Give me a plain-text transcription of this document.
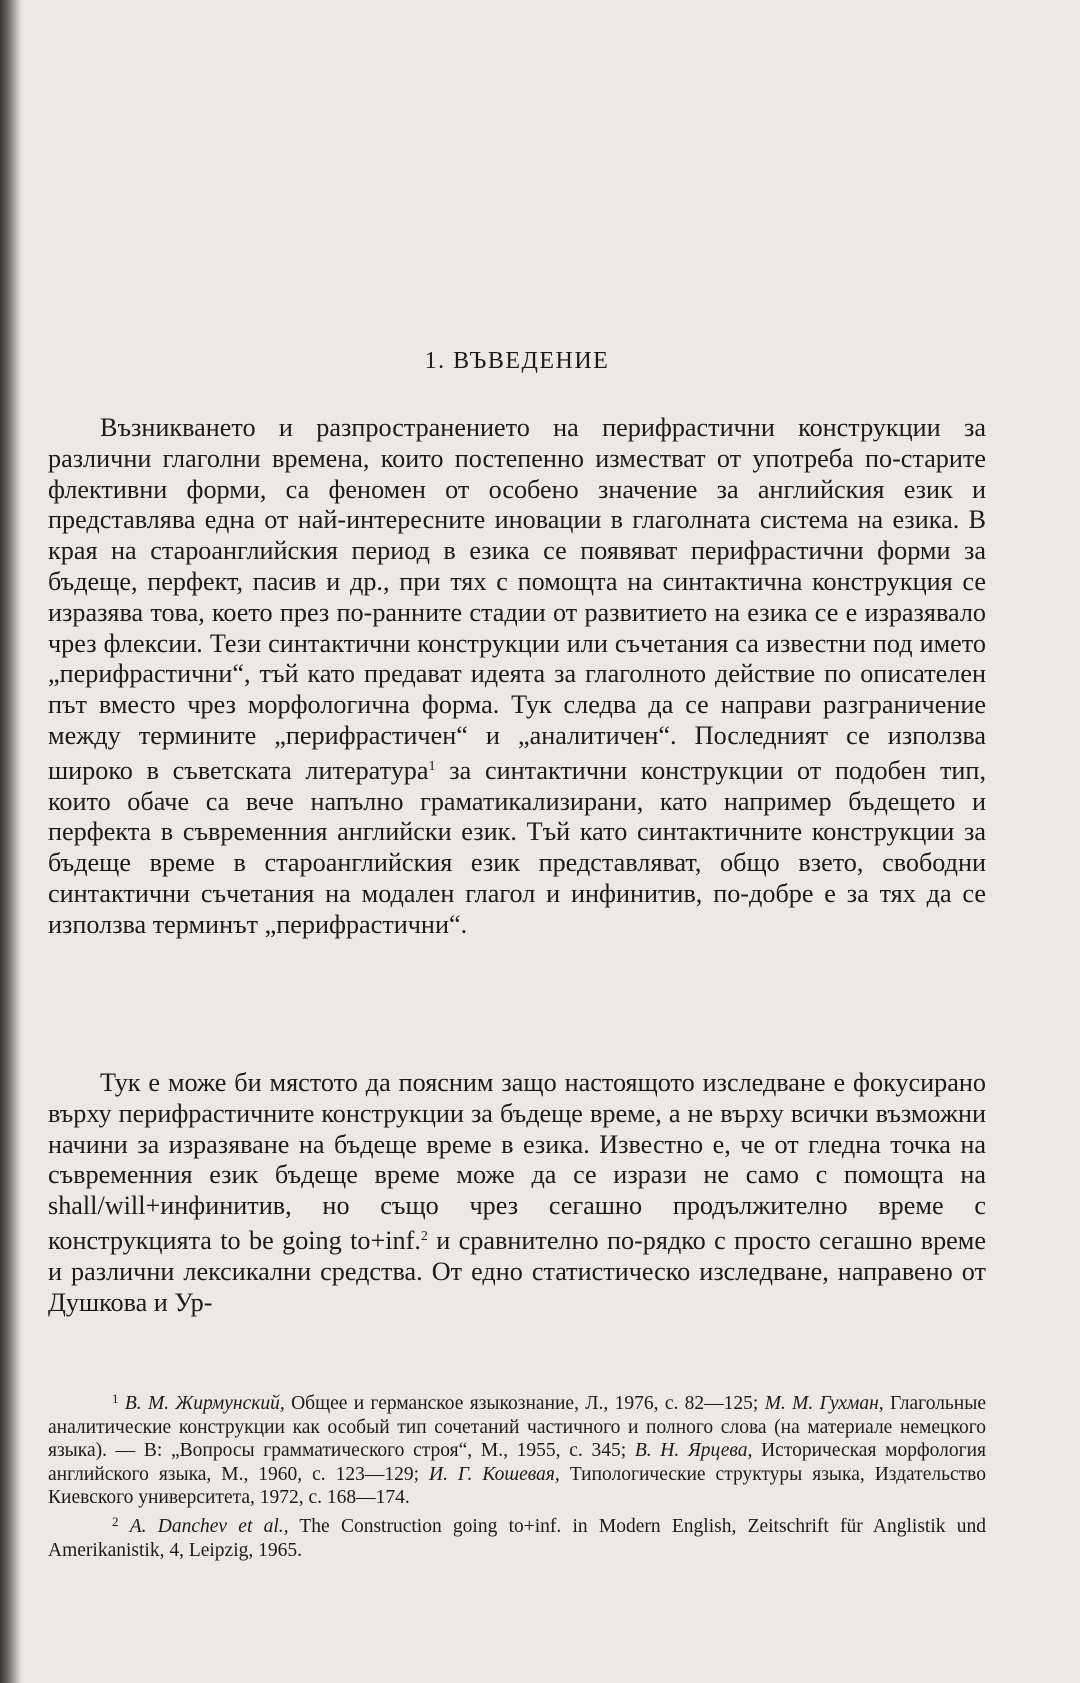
1. ВЪВЕДЕНИЕ

Възникването и разпространението на перифрастични конструкции за различни глаголни времена, които постепенно изместват от употреба по-старите флективни форми, са феномен от особено значение за английския език и представлява една от най-интересните иновации в глаголната система на езика. В края на староанглийския период в езика се появяват перифрастични форми за бъдеще, перфект, пасив и др., при тях с помощта на синтактична конструкция се изразява това, което през по-ранните стадии от развитието на езика се е изразявало чрез флексии. Тези синтактични конструкции или съчетания са известни под името „перифрастични“, тъй като предават идеята за глаголното действие по описателен път вместо чрез морфологична форма. Тук следва да се направи разграничение между термините „перифрастичен“ и „аналитичен“. Последният се използва широко в съветската литература$^1$ за синтактични конструкции от подобен тип, които обаче са вече напълно граматикализирани, като например бъдещето и перфекта в съвременния английски език. Тъй като синтактичните конструкции за бъдеще време в староанглийския език представляват, общо взето, свободни синтактични съчетания на модален глагол и инфинитив, по-добре е за тях да се използва терминът „перифрастични“.

Тук е може би мястото да поясним защо настоящото изследване е фокусирано върху перифрастичните конструкции за бъдеще време, а не върху всички възможни начини за изразяване на бъдеще време в езика. Известно е, че от гледна точка на съвременния език бъдеще време може да се изрази не само с помощта на shall/will+инфинитив, но също чрез сегашно продължително време с конструкцията to be going to+inf.$^2$ и сравнително по-рядко с просто сегашно време и различни лексикални средства. От едно статистическо изследване, направено от Душкова и Ур-

$^1$ В. М. Жирмунский, Общее и германское языкознание, Л., 1976, с. 82—125; М. М. Гухман, Глагольные аналитические конструкции как особый тип сочетаний частичного и полного слова (на материале немецкого языка). — В: „Вопросы грамматического строя“, М., 1955, с. 345; В. Н. Ярцева, Историческая морфология английского языка, М., 1960, с. 123—129; И. Г. Кошевая, Типологические структуры языка, Издательство Киевского университета, 1972, с. 168—174.

$^2$ A. Danchev et al., The Construction going to+inf. in Modern English, Zeitschrift für Anglistik und Amerikanistik, 4, Leipzig, 1965.
